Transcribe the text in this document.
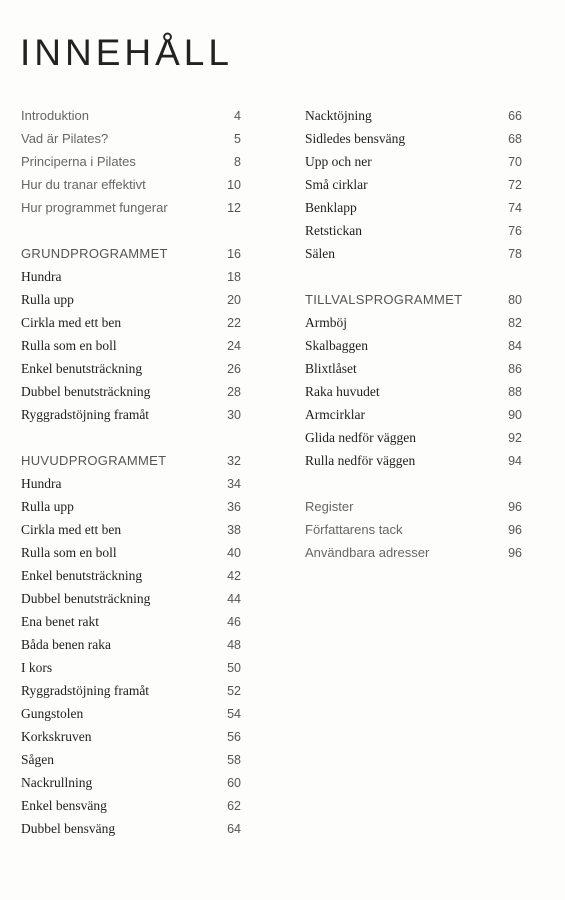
INNEHÅLL
Introduktion	4
Vad är Pilates?	5
Principerna i Pilates	8
Hur du tranar effektivt	10
Hur programmet fungerar	12
GRUNDPROGRAMMET	16
Hundra	18
Rulla upp	20
Cirkla med ett ben	22
Rulla som en boll	24
Enkel benutsträckning	26
Dubbel benutsträckning	28
Ryggradstöjning framåt	30
HUVUDPROGRAMMET	32
Hundra	34
Rulla upp	36
Cirkla med ett ben	38
Rulla som en boll	40
Enkel benutsträckning	42
Dubbel benutsträckning	44
Ena benet rakt	46
Båda benen raka	48
I kors	50
Ryggradstöjning framåt	52
Gungstolen	54
Korkskruven	56
Sågen	58
Nackrullning	60
Enkel bensväng	62
Dubbel bensväng	64
Nacktöjning	66
Sidledes bensväng	68
Upp och ner	70
Små cirklar	72
Benklapp	74
Retstickan	76
Sälen	78
TILLVALSPROGRAMMET	80
Armböj	82
Skalbaggen	84
Blixtlåset	86
Raka huvudet	88
Armcirklar	90
Glida nedför väggen	92
Rulla nedför väggen	94
Register	96
Författarens tack	96
Användbara adresser	96
